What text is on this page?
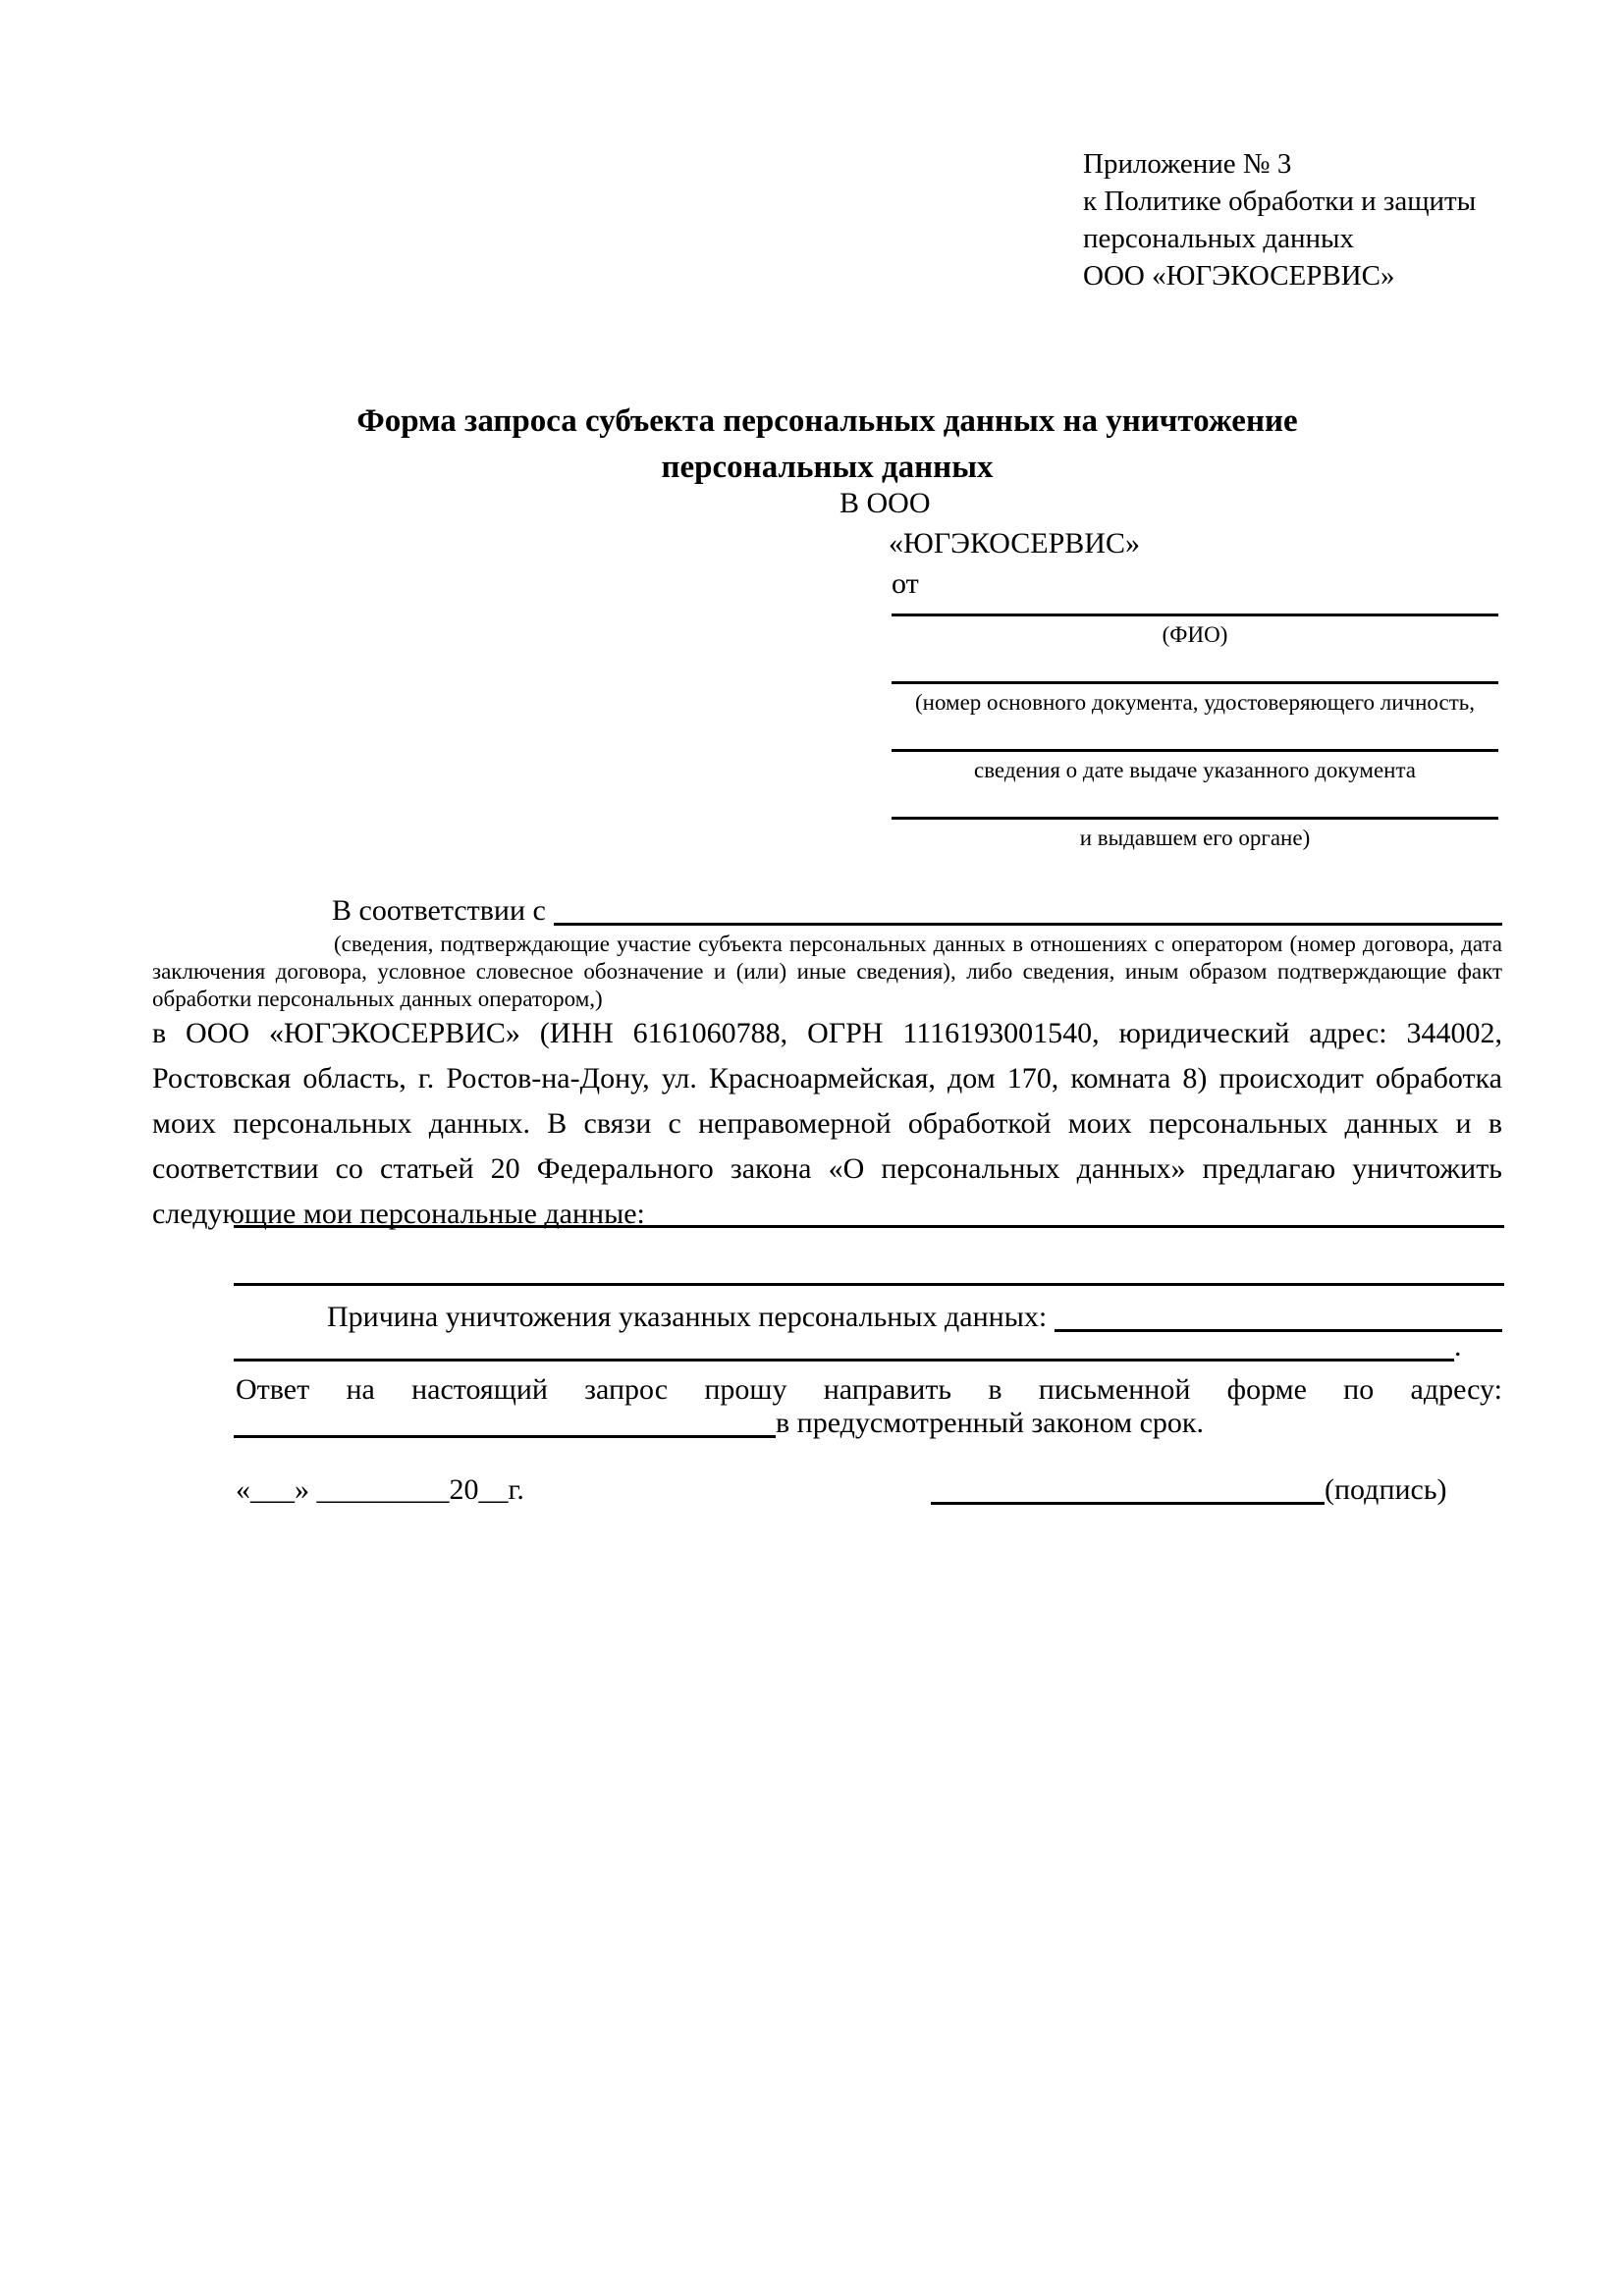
Приложение № 3
к Политике обработки и защиты
персональных данных
ООО «ЮГЭКОСЕРВИС»
Форма запроса субъекта персональных данных на уничтожение
персональных данных
В ООО
«ЮГЭКОСЕРВИС»
от
(ФИО)
(номер основного документа, удостоверяющего личность,
сведения о дате выдаче указанного документа
и выдавшем его органе)
В соответствии с
(сведения, подтверждающие участие субъекта персональных данных в отношениях с оператором (номер договора, дата заключения договора, условное словесное обозначение и (или) иные сведения), либо сведения, иным образом подтверждающие факт обработки персональных данных оператором,)
в ООО «ЮГЭКОСЕРВИС» (ИНН 6161060788, ОГРН 1116193001540, юридический адрес: 344002, Ростовская область, г. Ростов-на-Дону, ул. Красноармейская, дом 170, комната 8) происходит обработка моих персональных данных. В связи с неправомерной обработкой моих персональных данных и в соответствии со статьей 20 Федерального закона «О персональных данных» предлагаю уничтожить следующие мои персональные данные:
Причина уничтожения указанных персональных данных:
.
Ответ на настоящий запрос прошу направить в письменной форме по адресу:
в предусмотренный законом срок.
«___» _________20__г.	(подпись)
